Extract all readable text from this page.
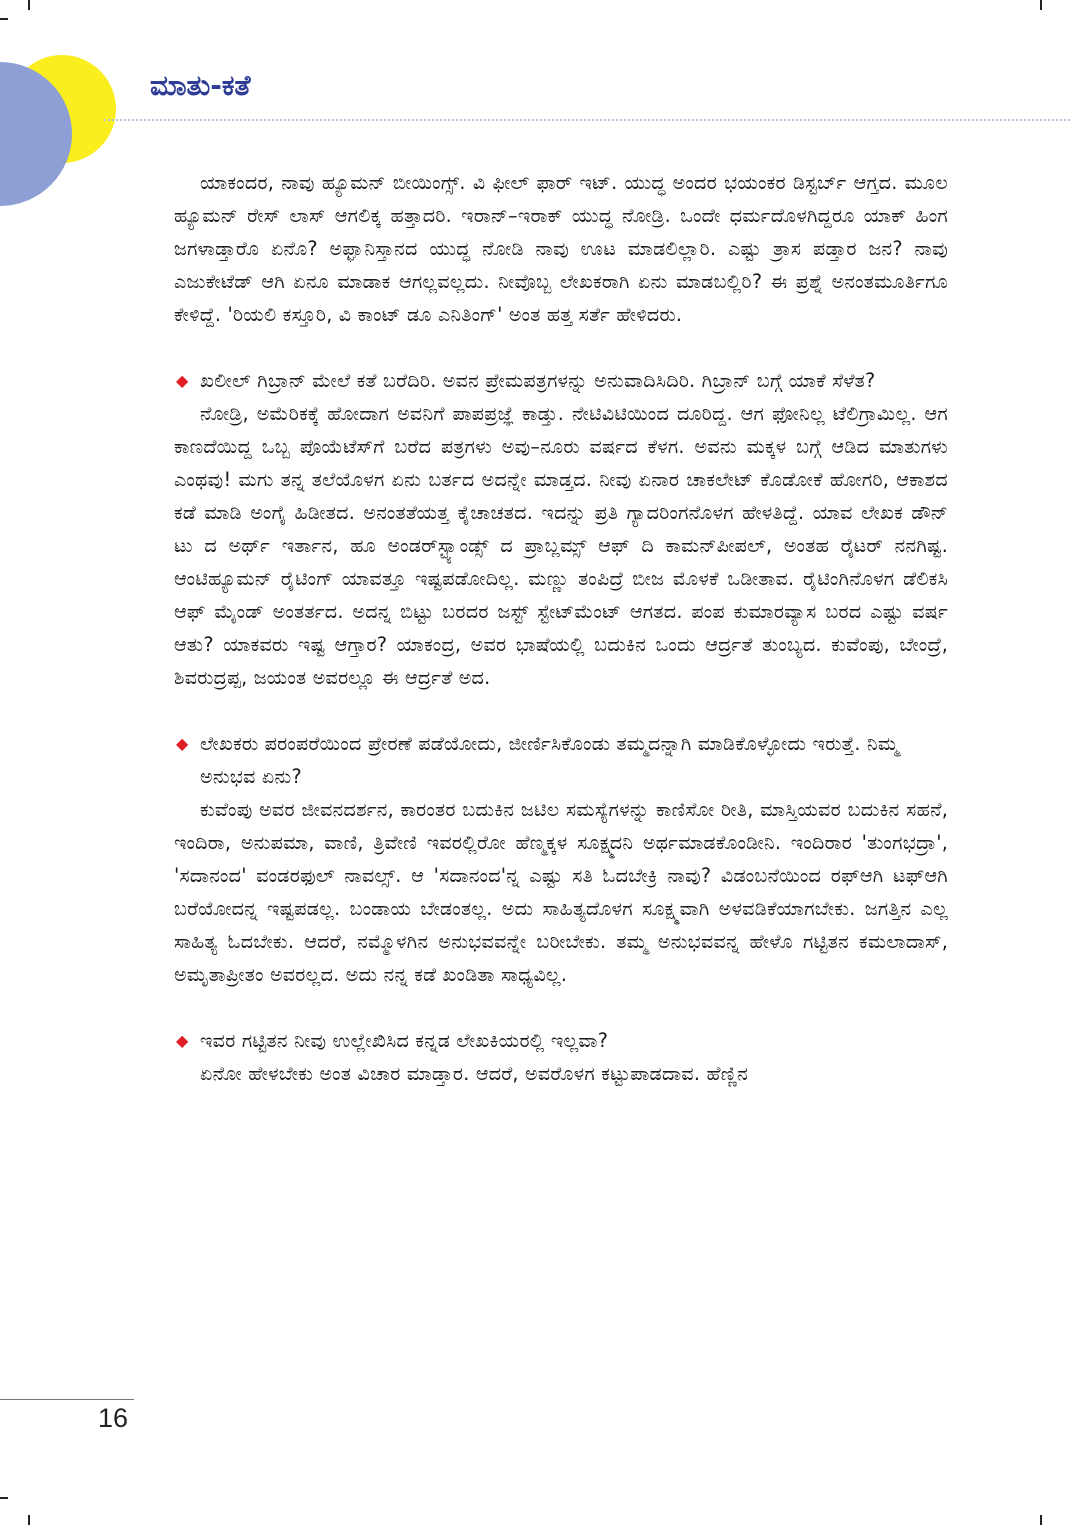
ಮಾತು-ಕತೆ

ಯಾಕಂದರ, ನಾವು ಹ್ಯೂಮನ್ ಬೀಯಿಂಗ್ಸ್. ವಿ ಫೀಲ್ ಫಾರ್ ಇಟ್. ಯುದ್ಧ ಅಂದರ ಭಯಂಕರ ಡಿಸ್ಟರ್ಬ್ ಆಗ್ತದ. ಮೂಲ ಹ್ಯೂಮನ್ ರೇಸ್ ಲಾಸ್ ಆಗಲಿಕ್ಕ ಹತ್ತಾದರಿ. ಇರಾನ್–ಇರಾಕ್ ಯುದ್ಧ ನೋಡ್ರಿ. ಒಂದೇ ಧರ್ಮದೊಳಗಿದ್ದರೂ ಯಾಕ್ ಹಿಂಗ ಜಗಳಾಡ್ತಾರೊ ಏನೊ? ಅಫ್ಘಾನಿಸ್ತಾನದ ಯುದ್ಧ ನೋಡಿ ನಾವು ಊಟ ಮಾಡಲಿಲ್ಲಾರಿ. ಎಷ್ಟು ತ್ರಾಸ ಪಡ್ತಾರ ಜನ? ನಾವು ಎಜುಕೇಟೆಡ್ ಆಗಿ ಏನೂ ಮಾಡಾಕ ಆಗಲ್ಲವಲ್ಲದು. ನೀವೊಬ್ಬ ಲೇಖಕರಾಗಿ ಏನು ಮಾಡಬಲ್ಲಿರಿ? ಈ ಪ್ರಶ್ನೆ ಅನಂತಮೂರ್ತಿಗೂ ಕೇಳಿದ್ದೆ. 'ರಿಯಲಿ ಕಸ್ತೂರಿ, ವಿ ಕಾಂಟ್ ಡೂ ಎನಿತಿಂಗ್' ಅಂತ ಹತ್ತ ಸರ್ತೆ ಹೇಳಿದರು.

◆ ಖಲೀಲ್ ಗಿಬ್ರಾನ್ ಮೇಲೆ ಕತೆ ಬರೆದಿರಿ. ಅವನ ಪ್ರೇಮಪತ್ರಗಳನ್ನು ಅನುವಾದಿಸಿದಿರಿ. ಗಿಬ್ರಾನ್ ಬಗ್ಗೆ ಯಾಕೆ ಸೆಳೆತ?

ನೋಡ್ರಿ, ಅಮೆರಿಕಕ್ಕೆ ಹೋದಾಗ ಅವನಿಗೆ ಪಾಪಪ್ರಜ್ಞೆ ಕಾಡ್ತು. ನೇಟಿವಿಟಿಯಿಂದ ದೂರಿದ್ದ. ಆಗ ಫೋನಿಲ್ಲ ಟೆಲಿಗ್ರಾಮಿಲ್ಲ. ಆಗ ಕಾಣದೆಯಿದ್ದ ಒಬ್ಬ ಪೊಯೆಟೆಸ್‌ಗೆ ಬರೆದ ಪತ್ರಗಳು ಅವು–ನೂರು ವರ್ಷದ ಕೆಳಗ. ಅವನು ಮಕ್ಕಳ ಬಗ್ಗೆ ಆಡಿದ ಮಾತುಗಳು ಎಂಥವು! ಮಗು ತನ್ನ ತಲೆಯೊಳಗ ಏನು ಬರ್ತದ ಅದನ್ನೇ ಮಾಡ್ತದ. ನೀವು ಏನಾರ ಚಾಕಲೇಟ್ ಕೊಡೋಕೆ ಹೋಗರಿ, ಆಕಾಶದ ಕಡೆ ಮಾಡಿ ಅಂಗೈ ಹಿಡೀತದ. ಅನಂತತೆಯತ್ತ ಕೈಚಾಚತದ. ಇದನ್ನು ಪ್ರತಿ ಗ್ಯಾದರಿಂಗನೊಳಗ ಹೇಳತಿದ್ದೆ. ಯಾವ ಲೇಖಕ ಡೌನ್ ಟು ದ ಅರ್ಥ್ ಇರ್ತಾನ, ಹೂ ಅಂಡರ್‌ಸ್ಟ್ಯಾಂಡ್ಸ್ ದ ಪ್ರಾಬ್ಲಮ್ಸ್ ಆಫ್ ದಿ ಕಾಮನ್‌ಪೀಪಲ್, ಅಂತಹ ರೈಟರ್ ನನಗಿಷ್ಟ. ಆಂಟಿಹ್ಯೂಮನ್ ರೈಟಿಂಗ್ ಯಾವತ್ತೂ ಇಷ್ಟಪಡೋದಿಲ್ಲ. ಮಣ್ಣು ತಂಪಿದ್ರೆ ಬೀಜ ಮೊಳಕೆ ಒಡೀತಾವ. ರೈಟಿಂಗಿನೊಳಗ ಡೆಲಿಕಸಿ ಆಫ್ ಮೈಂಡ್ ಅಂತರ್ತದ. ಅದನ್ನ ಬಿಟ್ಟು ಬರದರ ಜಸ್ಟ್ ಸ್ಟೇಟ್‌ಮೆಂಟ್ ಆಗತದ. ಪಂಪ ಕುಮಾರವ್ಯಾಸ ಬರದ ಎಷ್ಟು ವರ್ಷ ಆತು? ಯಾಕವರು ಇಷ್ಟ ಆಗ್ತಾರ? ಯಾಕಂದ್ರ, ಅವರ ಭಾಷೆಯಲ್ಲಿ ಬದುಕಿನ ಒಂದು ಆರ್ದ್ರತೆ ತುಂಬ್ಯದ. ಕುವೆಂಪು, ಬೇಂದ್ರೆ, ಶಿವರುದ್ರಪ್ಪ, ಜಯಂತ ಅವರಲ್ಲೂ ಈ ಆರ್ದ್ರತೆ ಅದ.

◆ ಲೇಖಕರು ಪರಂಪರೆಯಿಂದ ಪ್ರೇರಣೆ ಪಡೆಯೋದು, ಜೀರ್ಣಿಸಿಕೊಂಡು ತಮ್ಮದನ್ನಾಗಿ ಮಾಡಿಕೊಳ್ಳೋದು ಇರುತ್ತೆ. ನಿಮ್ಮ ಅನುಭವ ಏನು?

ಕುವೆಂಪು ಅವರ ಜೀವನದರ್ಶನ, ಕಾರಂತರ ಬದುಕಿನ ಜಟಿಲ ಸಮಸ್ಯೆಗಳನ್ನು ಕಾಣಿಸೋ ರೀತಿ, ಮಾಸ್ತಿಯವರ ಬದುಕಿನ ಸಹನೆ, ಇಂದಿರಾ, ಅನುಪಮಾ, ವಾಣಿ, ತ್ರಿವೇಣಿ ಇವರಲ್ಲಿರೋ ಹೆಣ್ಮಕ್ಕಳ ಸೂಕ್ಷ್ಮದನಿ ಅರ್ಥಮಾಡಕೊಂಡೀನಿ. ಇಂದಿರಾರ 'ತುಂಗಭದ್ರಾ', 'ಸದಾನಂದ' ವಂಡರಫುಲ್ ನಾವಲ್ಸ್. ಆ 'ಸದಾನಂದ'ನ್ನ ಎಷ್ಟು ಸತಿ ಓದಬೇಕ್ರಿ ನಾವು? ವಿಡಂಬನೆಯಿಂದ ರಫ್‌ಆಗಿ ಟಫ್‌ಆಗಿ ಬರೆಯೋದನ್ನ ಇಷ್ಟಪಡಲ್ಲ. ಬಂಡಾಯ ಬೇಡಂತಲ್ಲ. ಅದು ಸಾಹಿತ್ಯದೊಳಗ ಸೂಕ್ಷ್ಮವಾಗಿ ಅಳವಡಿಕೆಯಾಗಬೇಕು. ಜಗತ್ತಿನ ಎಲ್ಲ ಸಾಹಿತ್ಯ ಓದಬೇಕು. ಆದರೆ, ನಮ್ಮೊಳಗಿನ ಅನುಭವವನ್ನೇ ಬರೀಬೇಕು. ತಮ್ಮ ಅನುಭವವನ್ನ ಹೇಳೊ ಗಟ್ಟಿತನ ಕಮಲಾದಾಸ್, ಅಮೃತಾಪ್ರೀತಂ ಅವರಲ್ಲದ. ಅದು ನನ್ನ ಕಡೆ ಖಂಡಿತಾ ಸಾಧ್ಯವಿಲ್ಲ.

◆ ಇವರ ಗಟ್ಟಿತನ ನೀವು ಉಲ್ಲೇಖಿಸಿದ ಕನ್ನಡ ಲೇಖಕಿಯರಲ್ಲಿ ಇಲ್ಲವಾ?

ಏನೋ ಹೇಳಬೇಕು ಅಂತ ವಿಚಾರ ಮಾಡ್ತಾರ. ಆದರೆ, ಅವರೊಳಗ ಕಟ್ಟುಪಾಡದಾವ. ಹೆಣ್ಣಿನ

16
